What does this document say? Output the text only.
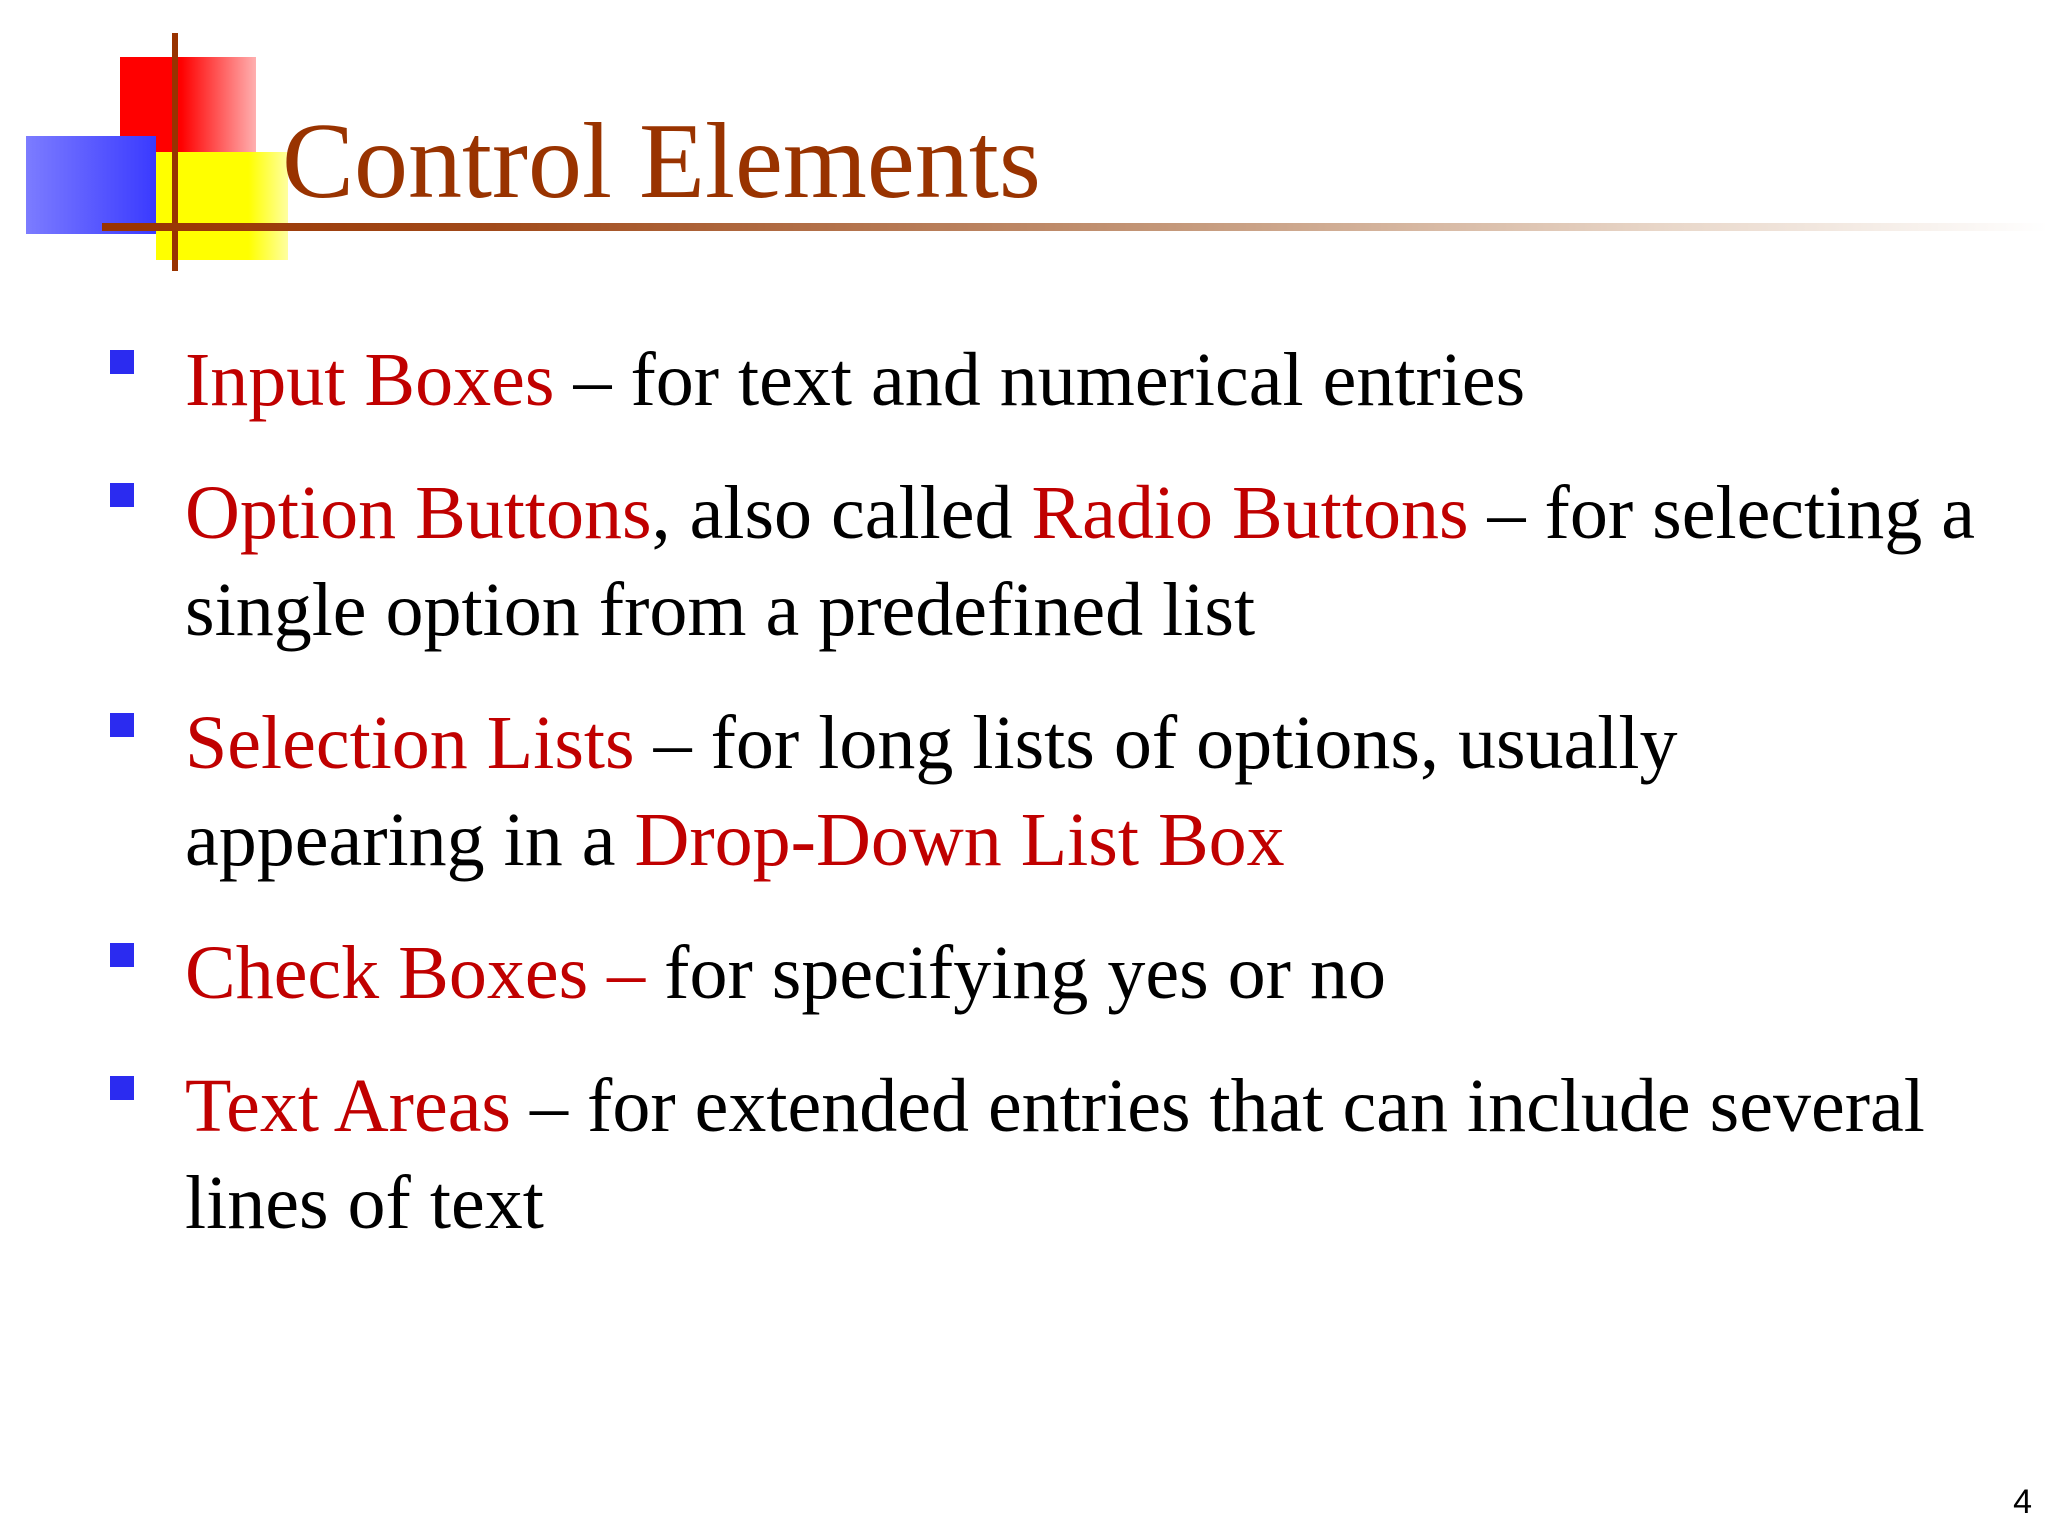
Control Elements
Input Boxes – for text and numerical entries
Option Buttons, also called Radio Buttons – for selecting a single option from a predefined list
Selection Lists – for long lists of options, usually appearing in a Drop-Down List Box
Check Boxes – for specifying yes or no
Text Areas – for extended entries that can include several lines of text
4
